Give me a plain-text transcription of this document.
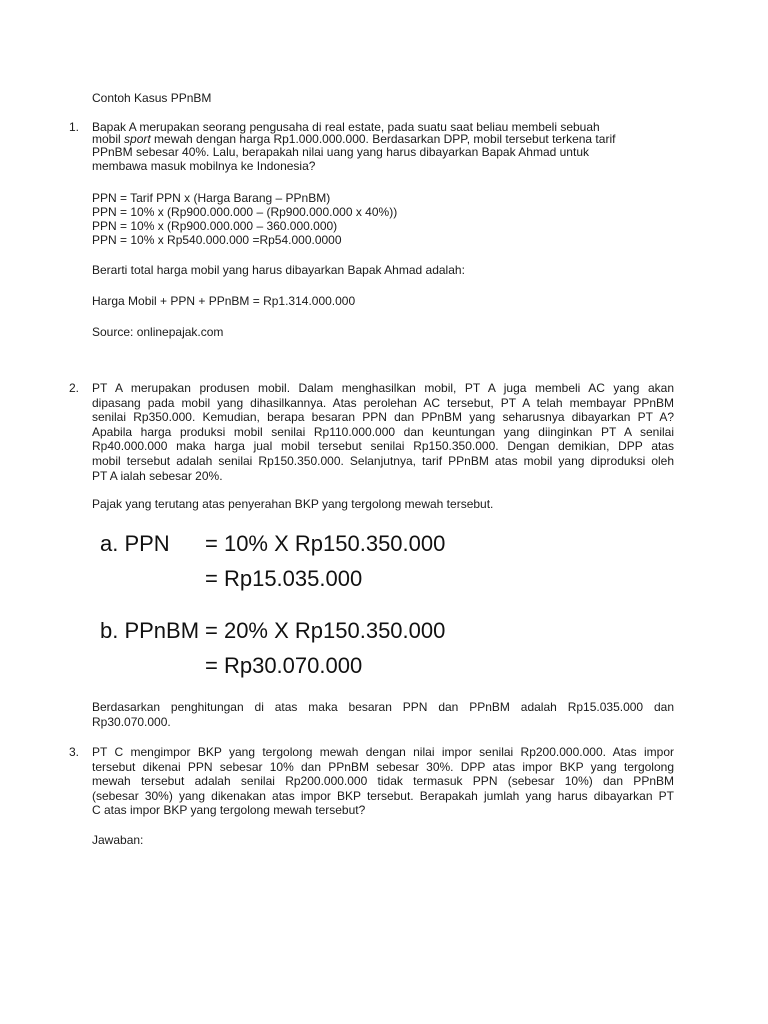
Contoh Kasus PPnBM
1. Bapak A merupakan seorang pengusaha di real estate, pada suatu saat beliau membeli sebuah
mobil sport mewah dengan harga Rp1.000.000.000. Berdasarkan DPP, mobil tersebut terkena tarif
PPnBM sebesar 40%. Lalu, berapakah nilai uang yang harus dibayarkan Bapak Ahmad untuk
membawa masuk mobilnya ke Indonesia?
PPN = Tarif PPN x (Harga Barang – PPnBM)
PPN = 10% x (Rp900.000.000 – (Rp900.000.000 x 40%))
PPN = 10% x (Rp900.000.000 – 360.000.000)
PPN = 10% x Rp540.000.000 =Rp54.000.0000
Berarti total harga mobil yang harus dibayarkan Bapak Ahmad adalah:
Harga Mobil + PPN + PPnBM = Rp1.314.000.000
Source: onlinepajak.com
2. PT A merupakan produsen mobil. Dalam menghasilkan mobil, PT A juga membeli AC yang akan
dipasang pada mobil yang dihasilkannya. Atas perolehan AC tersebut, PT A telah membayar PPnBM
senilai Rp350.000. Kemudian, berapa besaran PPN dan PPnBM yang seharusnya dibayarkan PT A?
Apabila harga produksi mobil senilai Rp110.000.000 dan keuntungan yang diinginkan PT A senilai
Rp40.000.000 maka harga jual mobil tersebut senilai Rp150.350.000. Dengan demikian, DPP atas
mobil tersebut adalah senilai Rp150.350.000. Selanjutnya, tarif PPnBM atas mobil yang diproduksi oleh
PT A ialah sebesar 20%.
Pajak yang terutang atas penyerahan BKP yang tergolong mewah tersebut.
a. PPN = 10% X Rp150.350.000
= Rp15.035.000
b. PPnBM = 20% X Rp150.350.000
= Rp30.070.000
Berdasarkan penghitungan di atas maka besaran PPN dan PPnBM adalah Rp15.035.000 dan
Rp30.070.000.
3. PT C mengimpor BKP yang tergolong mewah dengan nilai impor senilai Rp200.000.000. Atas impor
tersebut dikenai PPN sebesar 10% dan PPnBM sebesar 30%. DPP atas impor BKP yang tergolong
mewah tersebut adalah senilai Rp200.000.000 tidak termasuk PPN (sebesar 10%) dan PPnBM
(sebesar 30%) yang dikenakan atas impor BKP tersebut. Berapakah jumlah yang harus dibayarkan PT
C atas impor BKP yang tergolong mewah tersebut?
Jawaban:
